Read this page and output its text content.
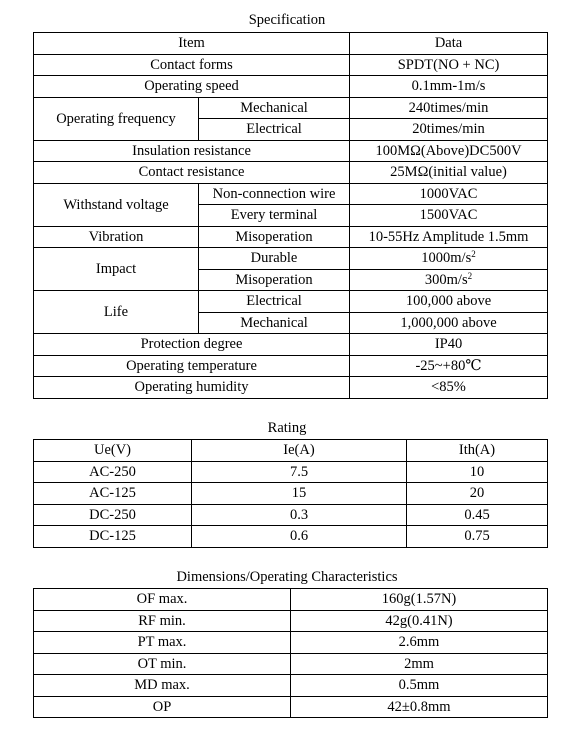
Specification
Item		Data
Contact forms		SPDT(NO + NC)
Operating speed		0.1mm-1m/s
Operating frequency	Mechanical	240times/min
	Electrical	20times/min
Insulation resistance		100MΩ(Above)DC500V
Contact resistance		25MΩ(initial value)
Withstand voltage	Non-connection wire	1000VAC
	Every terminal	1500VAC
Vibration	Misoperation	10-55Hz Amplitude 1.5mm
Impact	Durable	$1000m/s^2$
	Misoperation	$300m/s^2$
Life	Electrical	100,000 above
	Mechanical	1,000,000 above
Protection degree		IP40
Operating temperature		-25~+80℃
Operating humidity		<85%
Rating
Ue(V)	Ie(A)	Ith(A)
AC-250	7.5	10
AC-125	15	20
DC-250	0.3	0.45
DC-125	0.6	0.75
Dimensions/Operating Characteristics
OF max.	160g(1.57N)
RF min.	42g(0.41N)
PT max.	2.6mm
OT min.	2mm
MD max.	0.5mm
OP	42±0.8mm
